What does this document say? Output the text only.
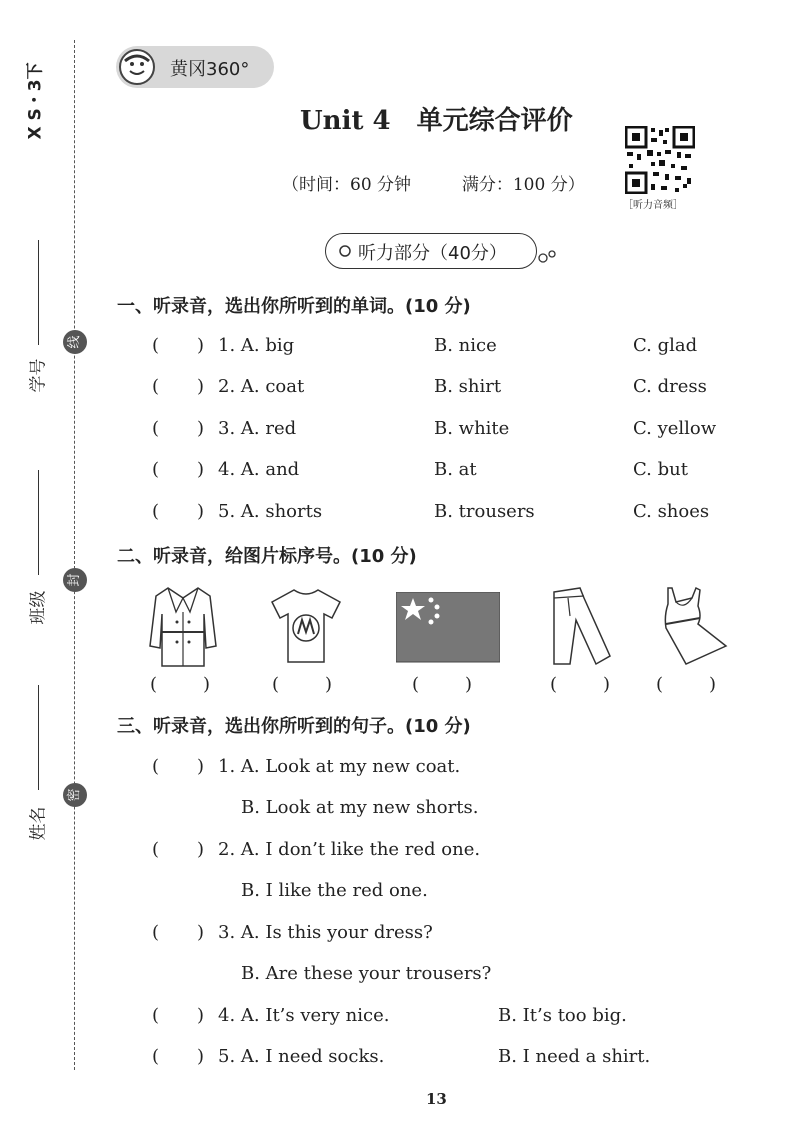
X S・3下
线
封
密
学号
班级
姓名
黄冈360°
Unit 4 单元综合评价
（时间：60 分钟	满分：100 分）
［听力音频］
听力部分（40分）
一、听录音，选出你所听到的单词。(10 分)
( ) 1. A. big	B. nice	C. glad
( ) 2. A. coat	B. shirt	C. dress
( ) 3. A. red	B. white	C. yellow
( ) 4. A. and	B. at	C. but
( ) 5. A. shorts	B. trousers	C. shoes
二、听录音，给图片标序号。(10 分)
(	)	(	)	(	)	(	)	(	)
三、听录音，选出你所听到的句子。(10 分)
( ) 1. A. Look at my new coat.
B. Look at my new shorts.
( ) 2. A. I don’t like the red one.
B. I like the red one.
( ) 3. A. Is this your dress?
B. Are these your trousers?
( ) 4. A. It’s very nice.	B. It’s too big.
( ) 5. A. I need socks.	B. I need a shirt.
13
